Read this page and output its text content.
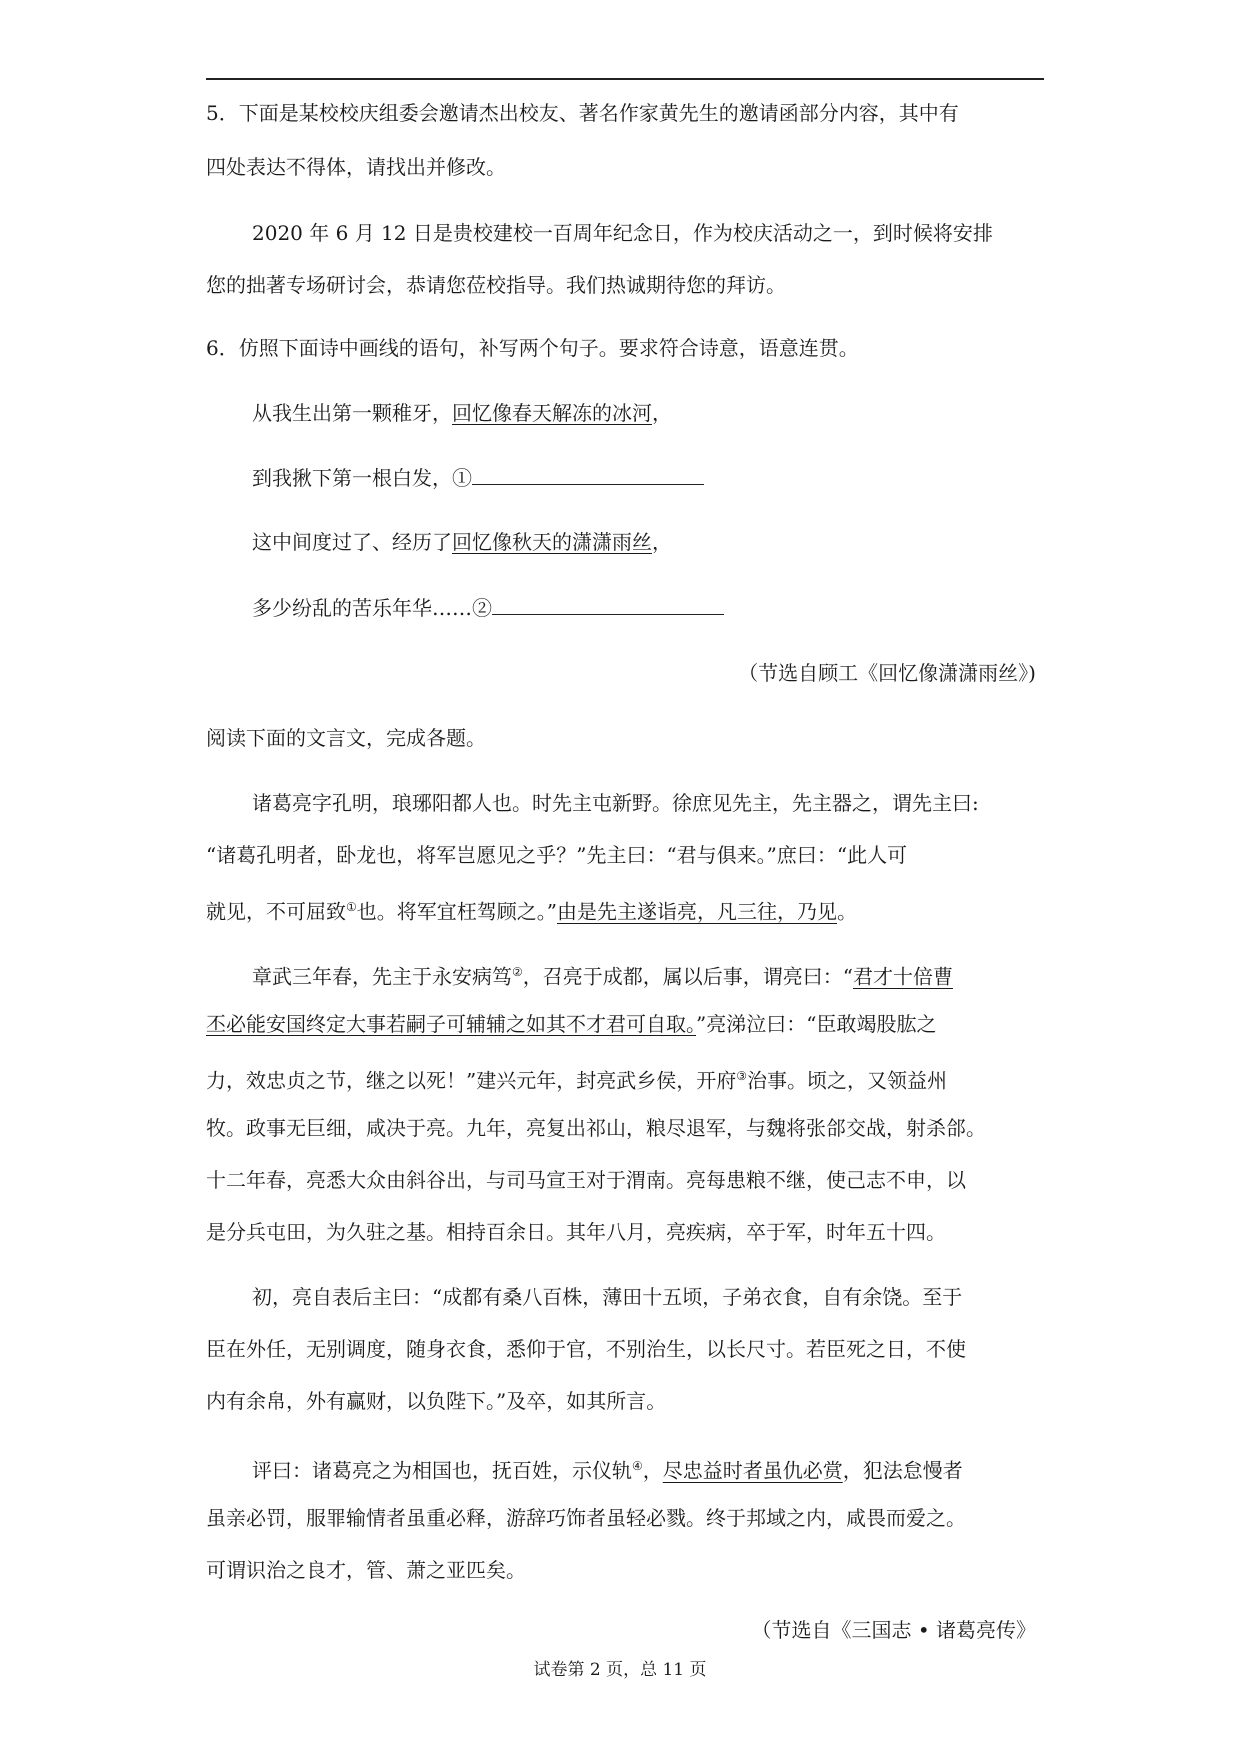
5．下面是某校校庆组委会邀请杰出校友、著名作家黄先生的邀请函部分内容，其中有
四处表达不得体，请找出并修改。
2020 年 6 月 12 日是贵校建校一百周年纪念日，作为校庆活动之一，到时候将安排
您的拙著专场研讨会，恭请您莅校指导。我们热诚期待您的拜访。
6．仿照下面诗中画线的语句，补写两个句子。要求符合诗意，语意连贯。
从我生出第一颗稚牙，回忆像春天解冻的冰河，
到我揪下第一根白发，①
这中间度过了、经历了回忆像秋天的潇潇雨丝，
多少纷乱的苦乐年华……②
（节选自顾工《回忆像潇潇雨丝》)
阅读下面的文言文，完成各题。
诸葛亮字孔明，琅琊阳都人也。时先主屯新野。徐庶见先主，先主器之，谓先主曰:
“诸葛孔明者，卧龙也，将军岂愿见之乎？”先主曰：“君与俱来。”庶曰：“此人可
就见，不可屈致①也。将军宜枉驾顾之。”由是先主遂诣亮，凡三往，乃见。
章武三年春，先主于永安病笃②，召亮于成都，属以后事，谓亮曰：“君才十倍曹
丕必能安国终定大事若嗣子可辅辅之如其不才君可自取。”亮涕泣曰：“臣敢竭股肱之
力，效忠贞之节，继之以死！”建兴元年，封亮武乡侯，开府③治事。顷之，又领益州
牧。政事无巨细，咸决于亮。九年，亮复出祁山，粮尽退军，与魏将张郃交战，射杀郃。
十二年春，亮悉大众由斜谷出，与司马宣王对于渭南。亮每患粮不继，使己志不申，以
是分兵屯田，为久驻之基。相持百余日。其年八月，亮疾病，卒于军，时年五十四。
初，亮自表后主曰：“成都有桑八百株，薄田十五顷，子弟衣食，自有余饶。至于
臣在外任，无别调度，随身衣食，悉仰于官，不别治生，以长尺寸。若臣死之日，不使
内有余帛，外有赢财，以负陛下。”及卒，如其所言。
评曰：诸葛亮之为相国也，抚百姓，示仪轨④，尽忠益时者虽仇必赏，犯法怠慢者
虽亲必罚，服罪输情者虽重必释，游辞巧饰者虽轻必戮。终于邦域之内，咸畏而爱之。
可谓识治之良才，管、萧之亚匹矣。
（节选自《三国志 • 诸葛亮传》
试卷第 2 页，总 11 页
